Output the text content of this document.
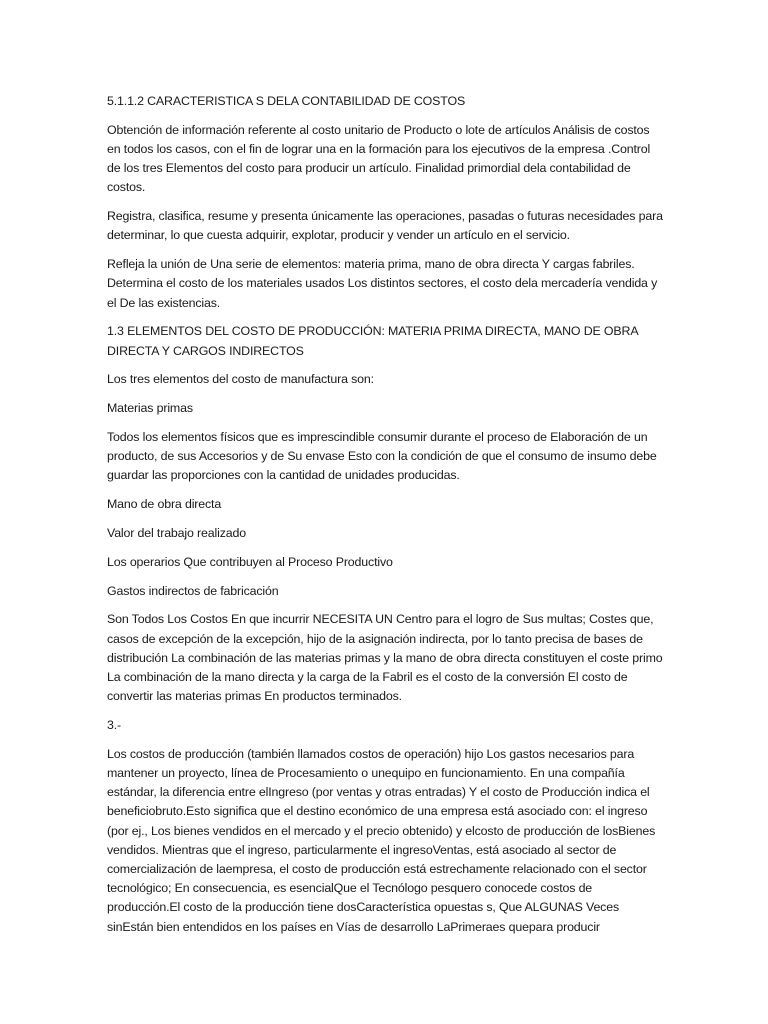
5.1.1.2 CARACTERISTICA S DELA CONTABILIDAD DE COSTOS

Obtención de información referente al costo unitario de Producto o lote de artículos Análisis de costos en todos los casos, con el fin de lograr una en la formación para los ejecutivos de la empresa .Control de los tres Elementos del costo para producir un artículo. Finalidad primordial dela contabilidad de costos.

Registra, clasifica, resume y presenta únicamente las operaciones, pasadas o futuras necesidades para determinar, lo que cuesta adquirir, explotar, producir y vender un artículo en el servicio.

Refleja la unión de Una serie de elementos: materia prima, mano de obra directa Y cargas fabriles. Determina el costo de los materiales usados Los distintos sectores, el costo dela mercadería vendida y el De las existencias.

1.3 ELEMENTOS DEL COSTO DE PRODUCCIÓN: MATERIA PRIMA DIRECTA, MANO DE OBRA DIRECTA Y CARGOS INDIRECTOS

Los tres elementos del costo de manufactura son:

Materias primas

Todos los elementos físicos que es imprescindible consumir durante el proceso de Elaboración de un producto, de sus Accesorios y de Su envase Esto con la condición de que el consumo de insumo debe guardar las proporciones con la cantidad de unidades producidas.

Mano de obra directa

Valor del trabajo realizado

Los operarios Que contribuyen al Proceso Productivo

Gastos indirectos de fabricación

Son Todos Los Costos En que incurrir NECESITA UN Centro para el logro de Sus multas; Costes que, casos de excepción de la excepción, hijo de la asignación indirecta, por lo tanto precisa de bases de distribución La combinación de las materias primas y la mano de obra directa constituyen el coste primo La combinación de la mano directa y la carga de la Fabril es el costo de la conversión El costo de convertir las materias primas En productos terminados.

3.-

Los costos de producción (también llamados costos de operación) hijo Los gastos necesarios para mantener un proyecto, línea de Procesamiento o unequipo en funcionamiento. En una compañía estándar, la diferencia entre elIngreso (por ventas y otras entradas) Y el costo de Producción indica el beneficiobruto.Esto significa que el destino económico de una empresa está asociado con: el ingreso (por ej., Los bienes vendidos en el mercado y el precio obtenido) y elcosto de producción de losBienes vendidos. Mientras que el ingreso, particularmente el ingresoVentas, está asociado al sector de comercialización de laempresa, el costo de producción está estrechamente relacionado con el sector tecnológico; En consecuencia, es esencialQue el Tecnólogo pesquero conocede costos de producción.El costo de la producción tiene dosCaracterística opuestas s, Que ALGUNAS Veces sinEstán bien entendidos en los países en Vías de desarrollo LaPrimeraes quepara producir
